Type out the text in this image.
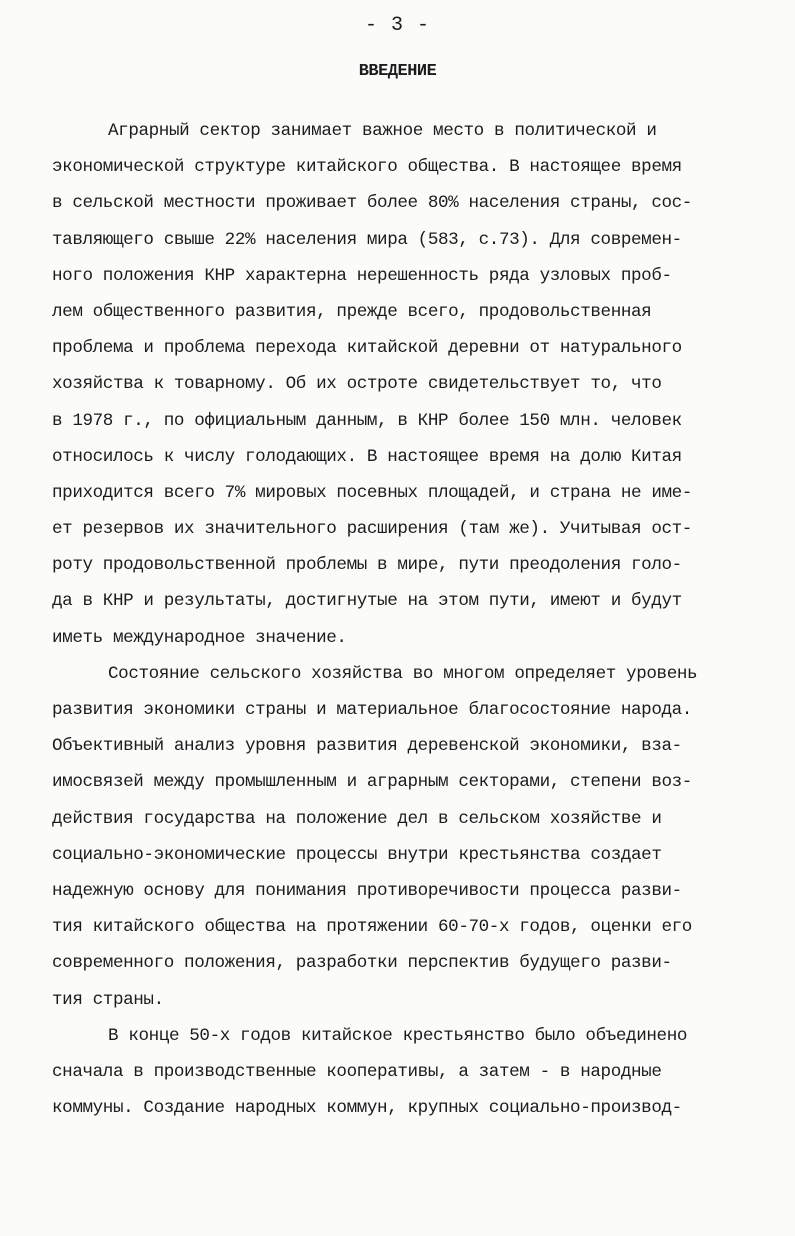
- 3 -
ВВЕДЕНИЕ
Аграрный сектор занимает важное место в политической и
экономической структуре китайского общества. В настоящее время
в сельской местности проживает более 80% населения страны, сос-
тавляющего свыше 22% населения мира (583, с.73). Для современ-
ного положения КНР характерна нерешенность ряда узловых проб-
лем общественного развития, прежде всего, продовольственная
проблема и проблема перехода китайской деревни от натурального
хозяйства к товарному. Об их остроте свидетельствует то, что
в 1978 г., по официальным данным, в КНР более 150 млн. человек
относилось к числу голодающих. В настоящее время на долю Китая
приходится всего 7% мировых посевных площадей, и страна не име-
ет резервов их значительного расширения (там же). Учитывая ост-
роту продовольственной проблемы в мире, пути преодоления голо-
да в КНР и результаты, достигнутые на этом пути, имеют и будут
иметь международное значение.
Состояние сельского хозяйства во многом определяет уровень
развития экономики страны и материальное благосостояние народа.
Объективный анализ уровня развития деревенской экономики, вза-
имосвязей между промышленным и аграрным секторами, степени воз-
действия государства на положение дел в сельском хозяйстве и
социально-экономические процессы внутри крестьянства создает
надежную основу для понимания противоречивости процесса разви-
тия китайского общества на протяжении 60-70-х годов, оценки его
современного положения, разработки перспектив будущего разви-
тия страны.
В конце 50-х годов китайское крестьянство было объединено
сначала в производственные кооперативы, а затем - в народные
коммуны. Создание народных коммун, крупных социально-производ-
